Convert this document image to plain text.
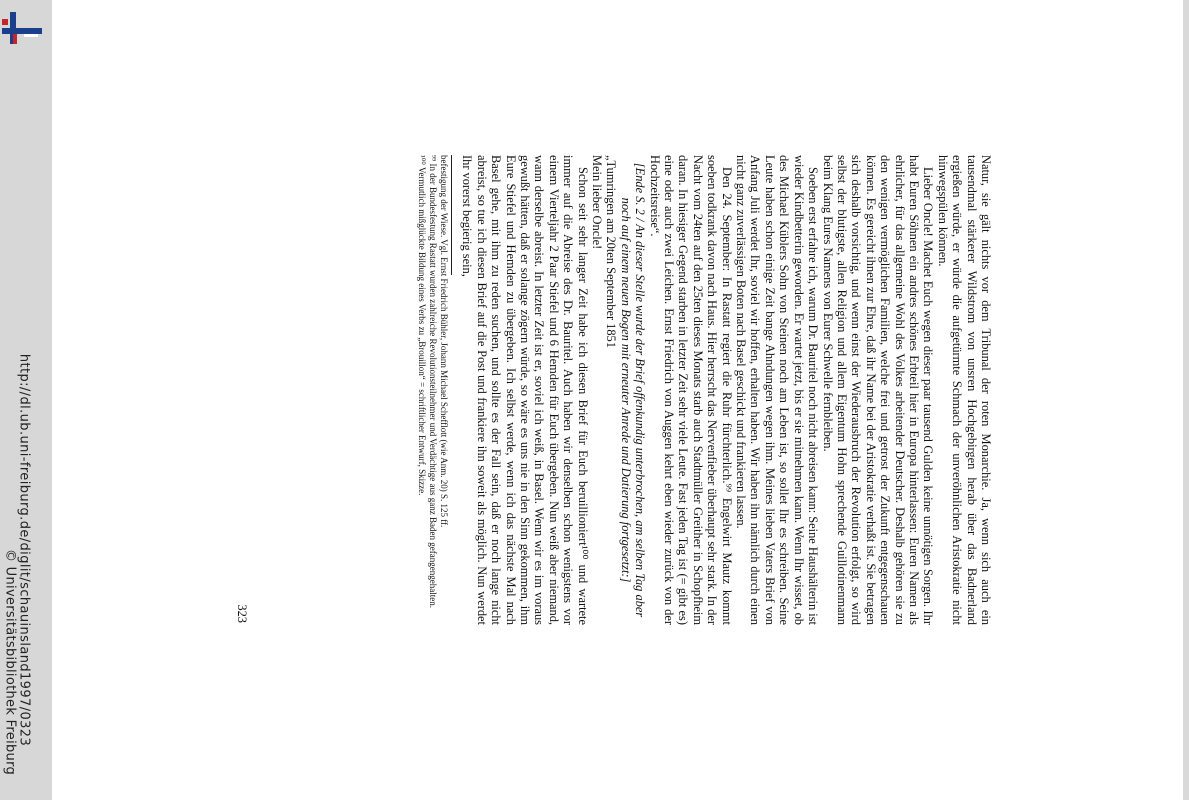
http://dl.ub.uni-freiburg.de/diglit/schauinsland1997/0323
© Universitätsbibliothek Freiburg

Natur, sie gält nichts vor dem Tribunal der roten Monarchie. Ja, wenn sich auch ein tausendmal stärkerer Wildstrom von unsren Hochgebirgen herab über das Badnerland ergießen würde, er würde die aufgetürmte Schmach der unveröhnlichen Aristokratie nicht hinwegspülen können.

Lieber Oncle! Machet Euch wegen dieser paar tausend Gulden keine unnötigen Sorgen. Ihr habt Euren Söhnen ein andres schönes Erbteil hier in Europa hinterlassen: Euren Namen als ehrlicher, für das allgemeine Wohl des Volkes arbeitender Deutscher. Deshalb gehören sie zu den wenigen vermöglichen Familien, welche frei und getrost der Zukunft entgegenschauen können. Es gereicht ihnen zur Ehre, daß ihr Name bei der Aristokratie verhaßt ist. Sie betragen sich deshalb vorsichtig, und wenn einst der Wiederausbruch der Revolution erfolgt, so wird selbst der blutigste, allen Religion und allem Eigentum Hohn sprechende Guillotinenmann beim Klang Eures Namens von Eurer Schwelle fernbleiben.

Soeben erst erfahre ich, warum Dr. Bauritel noch nicht abreisen kann: Seine Haushälterin ist wieder Kindbetterin geworden. Er wartet jetzt, bis er sie mitnehmen kann. Wenn Ihr wisset, ob des Michael Küblers Sohn von Steinen noch am Leben ist, so sollet Ihr es schreiben. Seine Leute haben schon einige Zeit bange Ahndungen wegen ihm. Meines lieben Vaters Brief von Anfang Juli werdet Ihr, soviel wir hoffen, erhalten haben. Wir haben ihn nämlich durch einen nicht ganz zuverlässigen Boten nach Basel geschickt und frankieren lassen.

Den 24. September: In Rastatt regiert die Ruhr fürchterlich.⁹⁹ Engelwirt Mautz kommt soeben todkrank davon nach Haus. Hier herrscht das Nervenfieber überhaupt sehr stark. In der Nacht vom 24ten auf den 25ten dieses Monats starb auch Stadtmüller Greither in Schopfheim daran. In hiesiger Gegend starben in letzter Zeit sehr viele Leute. Fast jeden Tag ist (= gibt es) eine oder auch zwei Leichen. Ernst Friedrich von Auggen kehrt eben wieder zurück von der Hochzeitsreise“.

[Ende S. 2 / An dieser Stelle wurde der Brief offenkundig unterbrochen, am selben Tag aber noch auf einem neuen Bogen mit erneuter Anrede und Datierung fortgesetzt:]

„Tumringen am 20ten September 1851

Mein lieber Oncle!

Schon seit sehr langer Zeit habe ich diesen Brief für Euch beruillioniert¹⁰⁰ und wartete immer auf die Abreise des Dr. Bauritel. Auch haben wir denselben schon wenigstens vor einem Vierteljahr 2 Paar Stiefel und 6 Hemden für Euch übergeben. Nun weiß aber niemand, wann derselbe abreist. In letzter Zeit ist er, soviel ich weiß, in Basel. Wenn wir es im voraus gewußt hätten, daß er solange zögern würde, so wäre es uns nie in den Sinn gekommen, ihm Eure Stiefel und Hemden zu übergeben. Ich selbst werde, wenn ich das nächste Mal nach Basel gehe, mit ihm zu reden suchen, und sollte es der Fall sein, daß er noch lange nicht abreist, so tue ich diesen Brief auf die Post und frankiere ihn soweit als möglich. Nun werdet Ihr vorerst begierig sein,

befestigung der Wiese. Vgl. Ernst Friedrich Bühler, Johann Michael Schefflott (wie Anm. 20) S. 125 ff.

⁹⁹ In der Bundesfestung Rastatt wurden zahlreiche Revolutionsteilnehmer und Verdächtige aus ganz Baden gefangengehalten.

¹⁰⁰ Vermutlich mißglückte Bildung eines Verbs zu „Brouillon“ = schriftlicher Entwurf, Skizze.

323
